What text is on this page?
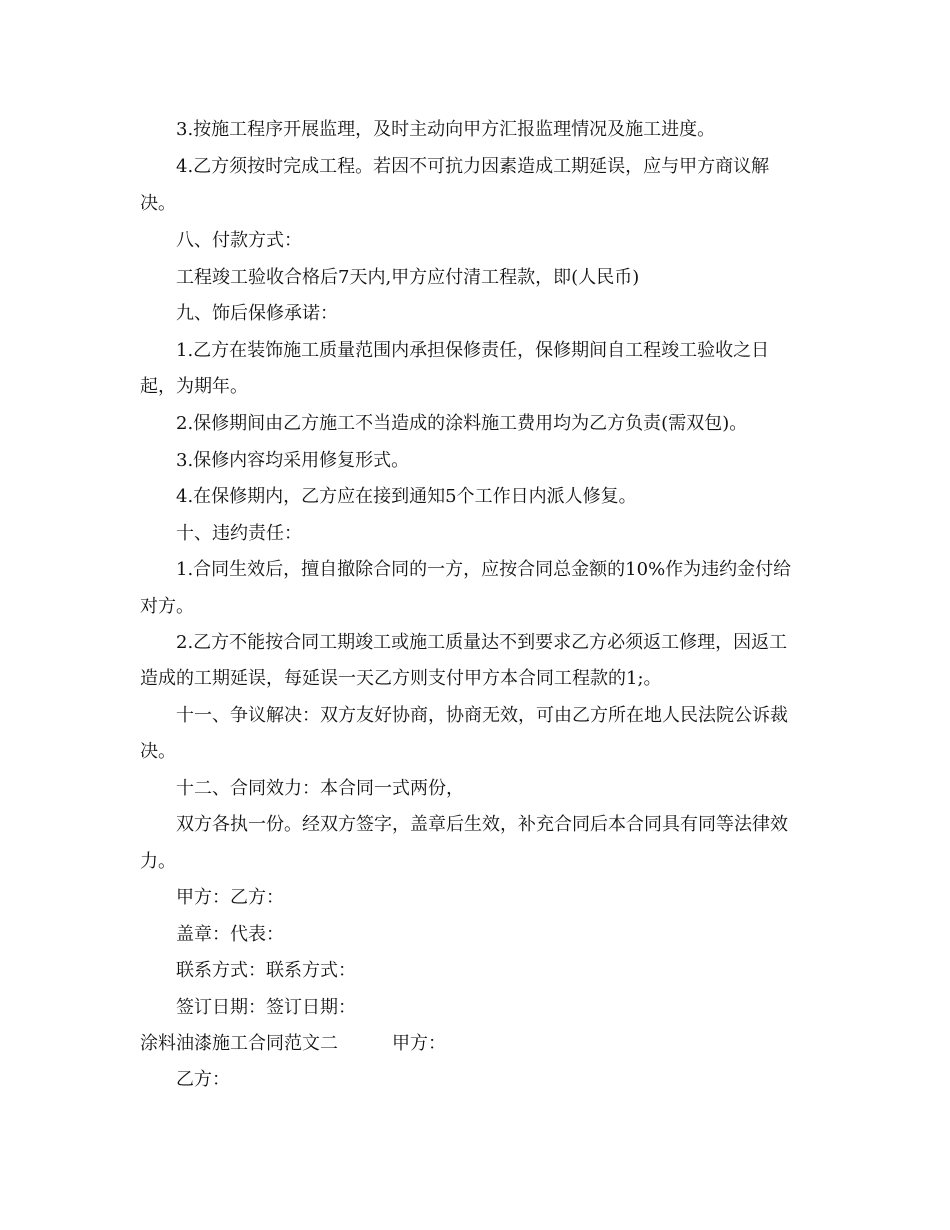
3.按施工程序开展监理，及时主动向甲方汇报监理情况及施工进度。
4.乙方须按时完成工程。若因不可抗力因素造成工期延误，应与甲方商议解
决。
八、付款方式：
工程竣工验收合格后7天内,甲方应付清工程款，即(人民币)
九、饰后保修承诺：
1.乙方在装饰施工质量范围内承担保修责任，保修期间自工程竣工验收之日
起，为期年。
2.保修期间由乙方施工不当造成的涂料施工费用均为乙方负责(需双包)。
3.保修内容均采用修复形式。
4.在保修期内，乙方应在接到通知5个工作日内派人修复。
十、违约责任：
1.合同生效后，擅自撤除合同的一方，应按合同总金额的10%作为违约金付给
对方。
2.乙方不能按合同工期竣工或施工质量达不到要求乙方必须返工修理，因返工
造成的工期延误，每延误一天乙方则支付甲方本合同工程款的1;。
十一、争议解决：双方友好协商，协商无效，可由乙方所在地人民法院公诉裁
决。
十二、合同效力：本合同一式两份，
双方各执一份。经双方签字，盖章后生效，补充合同后本合同具有同等法律效
力。
甲方：乙方：
盖章：代表：
联系方式：联系方式：
签订日期：签订日期：
涂料油漆施工合同范文二　　　甲方：
乙方：
